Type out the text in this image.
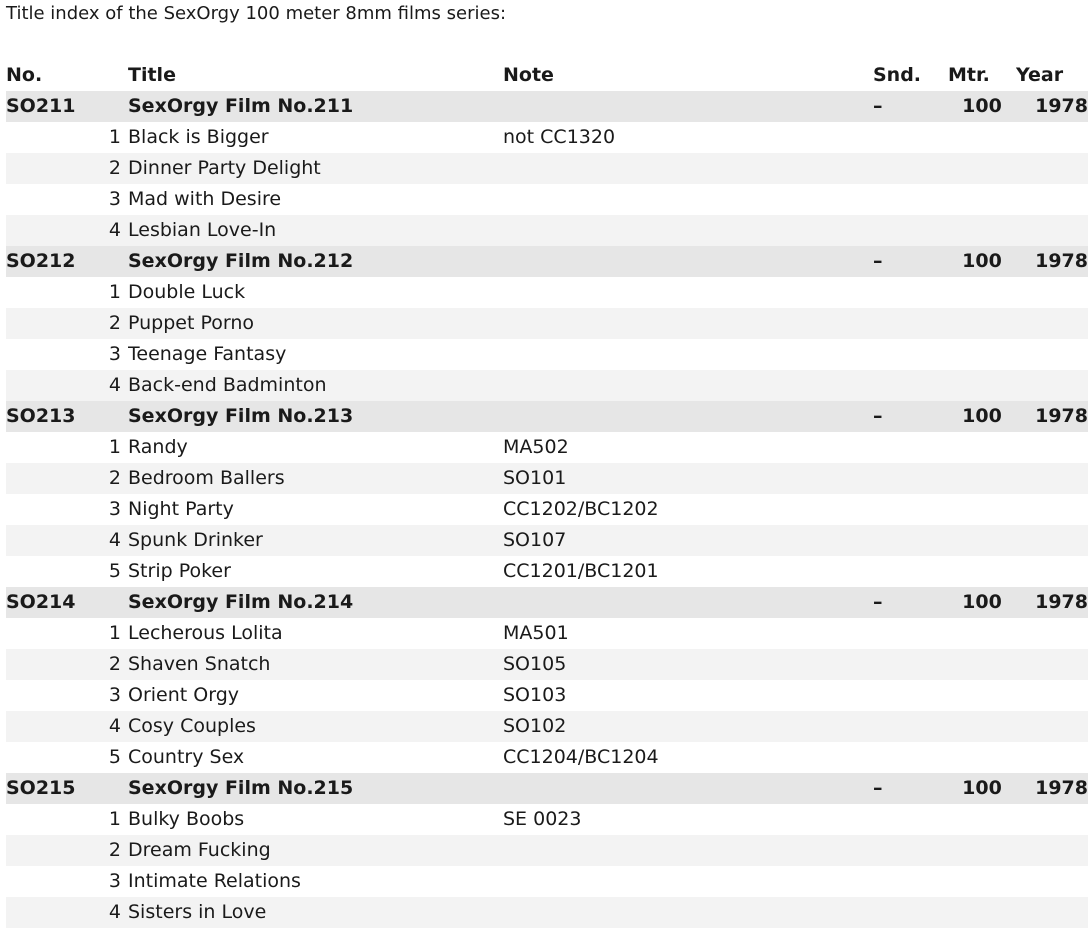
Title index of the SexOrgy 100 meter 8mm films series:
No.	Title	Note	Snd.	Mtr.	Year
SO211	SexOrgy Film No.211		–	100	1978
1	Black is Bigger	not CC1320			
2	Dinner Party Delight				
3	Mad with Desire				
4	Lesbian Love-In				
SO212	SexOrgy Film No.212		–	100	1978
1	Double Luck				
2	Puppet Porno				
3	Teenage Fantasy				
4	Back-end Badminton				
SO213	SexOrgy Film No.213		–	100	1978
1	Randy	MA502			
2	Bedroom Ballers	SO101			
3	Night Party	CC1202/BC1202			
4	Spunk Drinker	SO107			
5	Strip Poker	CC1201/BC1201			
SO214	SexOrgy Film No.214		–	100	1978
1	Lecherous Lolita	MA501			
2	Shaven Snatch	SO105			
3	Orient Orgy	SO103			
4	Cosy Couples	SO102			
5	Country Sex	CC1204/BC1204			
SO215	SexOrgy Film No.215		–	100	1978
1	Bulky Boobs	SE 0023			
2	Dream Fucking				
3	Intimate Relations				
4	Sisters in Love				
